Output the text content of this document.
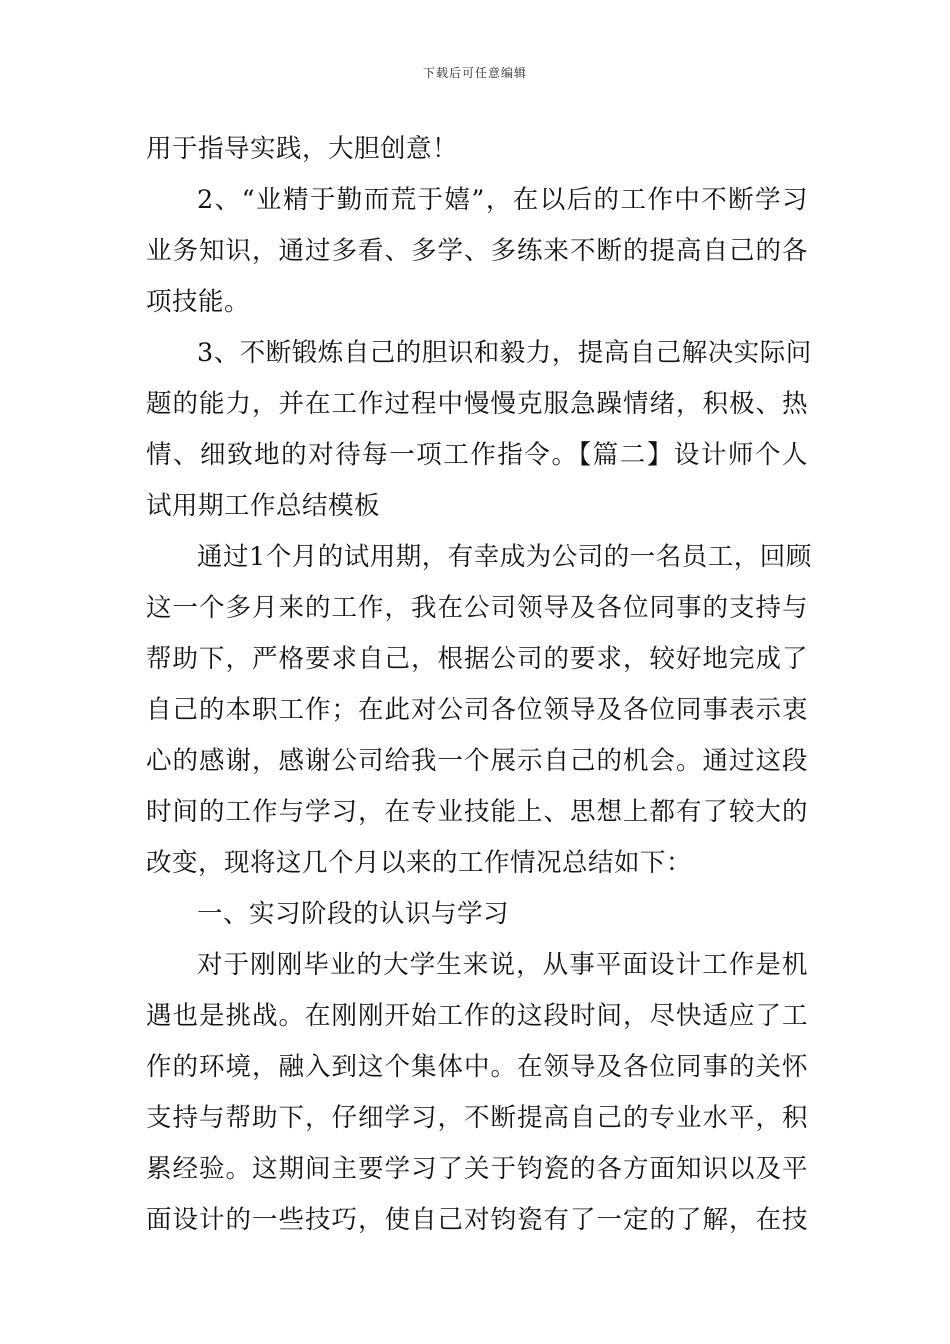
下载后可任意编辑
用于指导实践，大胆创意！
2、“业精于勤而荒于嬉”，在以后的工作中不断学习
业务知识，通过多看、多学、多练来不断的提高自己的各
项技能。
3、不断锻炼自己的胆识和毅力，提高自己解决实际问
题的能力，并在工作过程中慢慢克服急躁情绪，积极、热
情、细致地的对待每一项工作指令。【篇二】设计师个人
试用期工作总结模板
通过1个月的试用期，有幸成为公司的一名员工，回顾
这一个多月来的工作，我在公司领导及各位同事的支持与
帮助下，严格要求自己，根据公司的要求，较好地完成了
自己的本职工作；在此对公司各位领导及各位同事表示衷
心的感谢，感谢公司给我一个展示自己的机会。通过这段
时间的工作与学习，在专业技能上、思想上都有了较大的
改变，现将这几个月以来的工作情况总结如下：
一、实习阶段的认识与学习
对于刚刚毕业的大学生来说，从事平面设计工作是机
遇也是挑战。在刚刚开始工作的这段时间，尽快适应了工
作的环境，融入到这个集体中。在领导及各位同事的关怀
支持与帮助下，仔细学习，不断提高自己的专业水平，积
累经验。这期间主要学习了关于钧瓷的各方面知识以及平
面设计的一些技巧，使自己对钧瓷有了一定的了解，在技
